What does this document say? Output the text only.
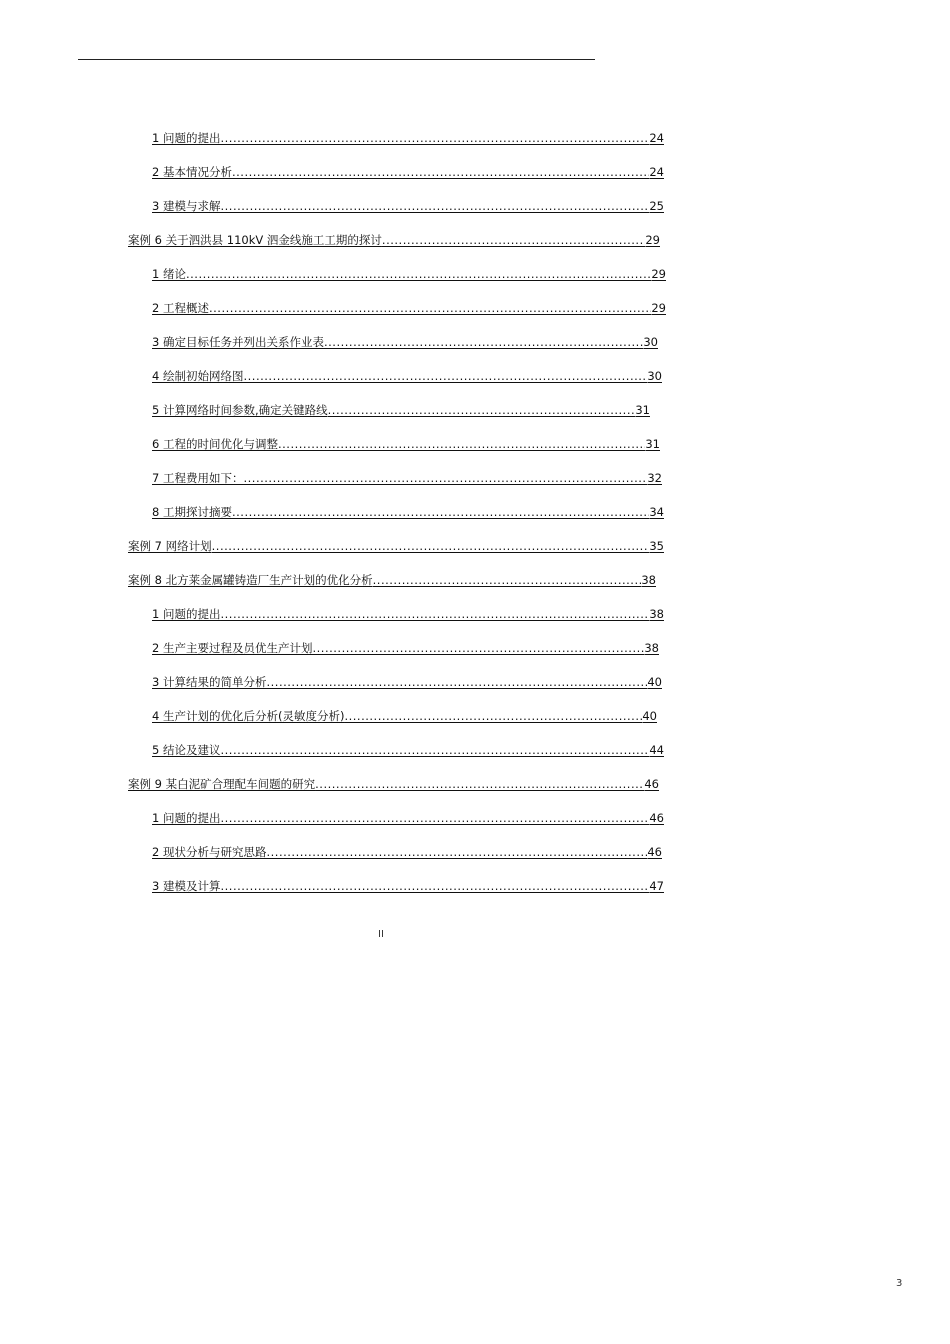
1 问题的提出 .....	24
2 基本情况分析 .....	24
3 建模与求解 .....	25
案例 6 关于泗洪县 110kV 泗金线施工工期的探讨 .....	29
1 绪论 .....	29
2 工程概述 .....	29
3 确定目标任务并列出关系作业表 .....	30
4 绘制初始网络图 .....	30
5 计算网络时间参数,确定关键路线 .....	31
6 工程的时间优化与调整 .....	31
7 工程费用如下： .....	32
8 工期探讨摘要 .....	34
案例 7 网络计划 .....	35
案例 8 北方莱金属罐铸造厂生产计划的优化分析 .....	38
1 问题的提出 .....	38
2 生产主要过程及员优生产计划 .....	38
3 计算结果的简单分析 .....	40
4 生产计划的优化后分析(灵敏度分析) .....	40
5 结论及建议 .....	44
案例 9 某白泥矿合理配车间题的研究 .....	46
1 问题的提出 .....	46
2 现状分析与研究思路 .....	46
3 建模及计算 .....	47
II
3
